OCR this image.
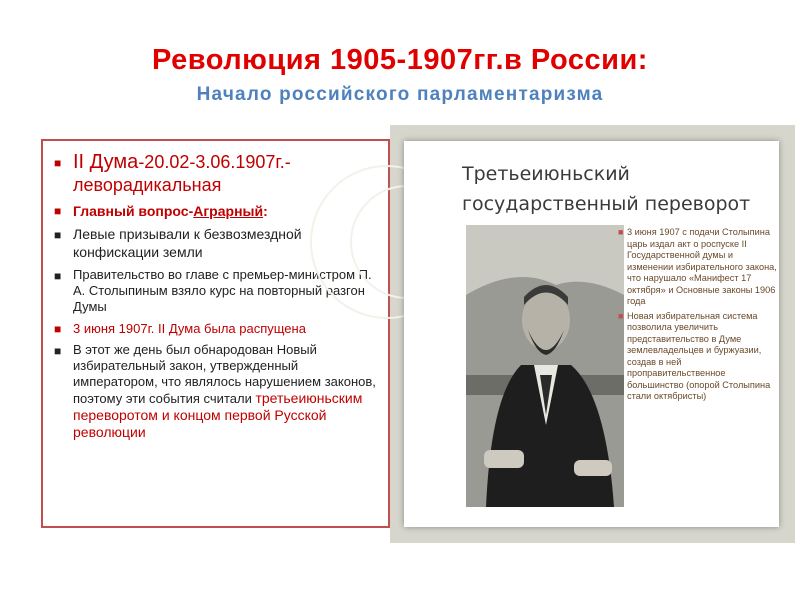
Революция 1905-1907гг.в России:
Начало российского парламентаризма
■ II Дума-20.02-3.06.1907г.-
леворадикальная
■ Главный вопрос-Аграрный:
■ Левые призывали к безвозмездной конфискации земли
■ Правительство во главе с премьер-министром П. А. Столыпиным взяло курс на повторный разгон Думы
■ 3 июня 1907г. II Дума была распущена
■ В этот же день был обнародован Новый избирательный закон, утвержденный императором, что являлось нарушением законов, поэтому эти события считали третьеиюньским переворотом и концом первой Русской революции
Третьеиюньский государственный переворот

■ 3 июня 1907 с подачи Столыпина царь издал акт о роспуске II Государственной думы и изменении избирательного закона, что нарушало «Манифест 17 октября» и Основные законы 1906 года

■ Новая избирательная система позволила увеличить представительство в Думе землевладельцев и буржуазии, создав в ней проправительственное большинство (опорой Столыпина стали октябристы)
